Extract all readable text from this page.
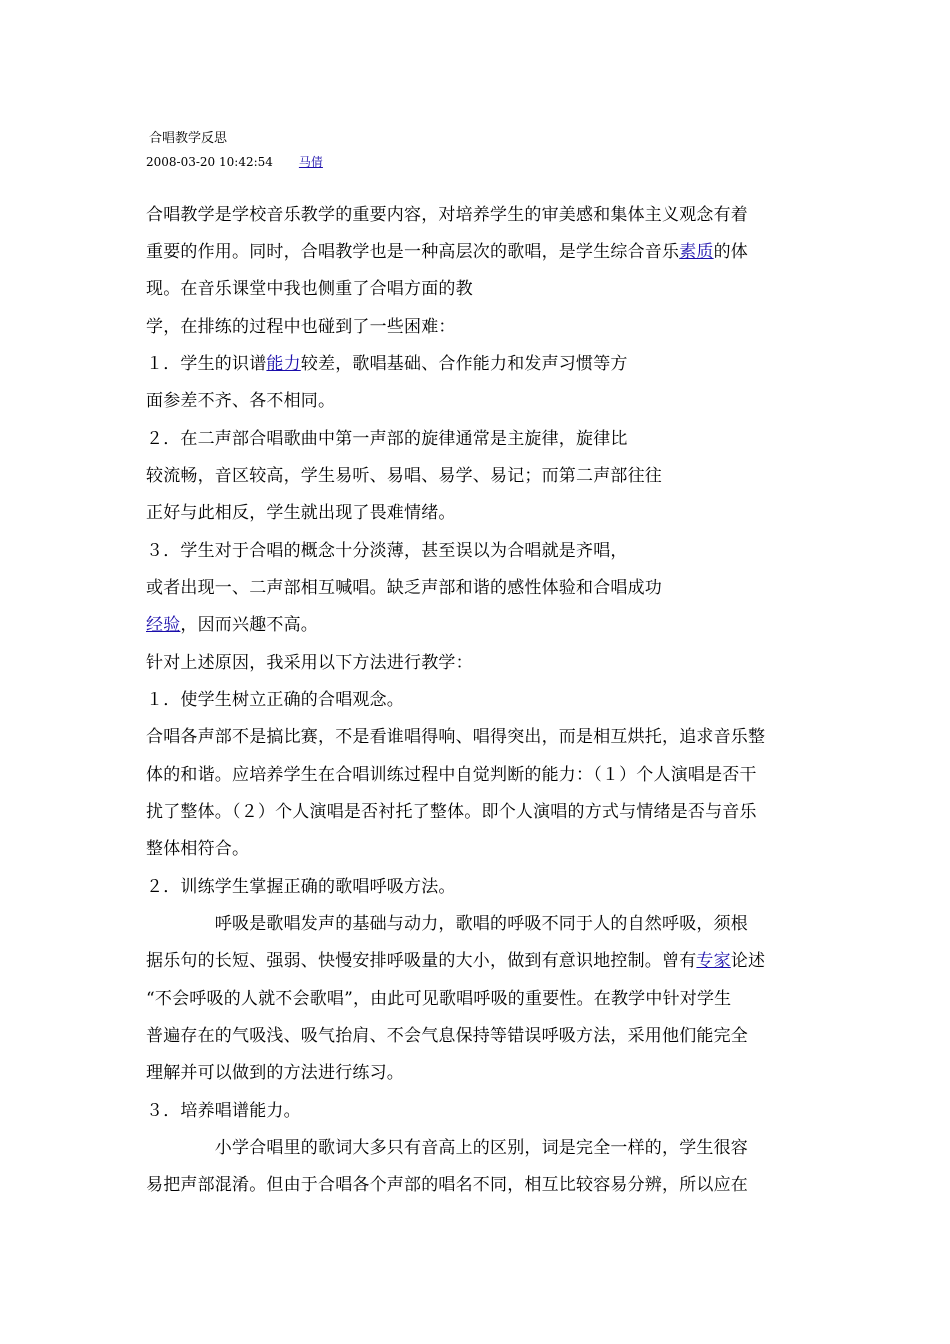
合唱教学反思
2008-03-20 10:42:54 马倩
合唱教学是学校音乐教学的重要内容，对培养学生的审美感和集体主义观念有着
重要的作用。同时，合唱教学也是一种高层次的歌唱，是学生综合音乐素质的体
现。在音乐课堂中我也侧重了合唱方面的教
学，在排练的过程中也碰到了一些困难：
１．学生的识谱能力较差，歌唱基础、合作能力和发声习惯等方
面参差不齐、各不相同。
２．在二声部合唱歌曲中第一声部的旋律通常是主旋律，旋律比
较流畅，音区较高，学生易听、易唱、易学、易记；而第二声部往往
正好与此相反，学生就出现了畏难情绪。
３．学生对于合唱的概念十分淡薄，甚至误以为合唱就是齐唱，
或者出现一、二声部相互喊唱。缺乏声部和谐的感性体验和合唱成功
经验，因而兴趣不高。
针对上述原因，我采用以下方法进行教学：
１．使学生树立正确的合唱观念。
合唱各声部不是搞比赛，不是看谁唱得响、唱得突出，而是相互烘托，追求音乐整
体的和谐。应培养学生在合唱训练过程中自觉判断的能力：（１）个人演唱是否干
扰了整体。（２）个人演唱是否衬托了整体。即个人演唱的方式与情绪是否与音乐
整体相符合。
２．训练学生掌握正确的歌唱呼吸方法。
　　　　呼吸是歌唱发声的基础与动力，歌唱的呼吸不同于人的自然呼吸，须根
据乐句的长短、强弱、快慢安排呼吸量的大小，做到有意识地控制。曾有专家论述
“不会呼吸的人就不会歌唱”，由此可见歌唱呼吸的重要性。在教学中针对学生
普遍存在的气吸浅、吸气抬肩、不会气息保持等错误呼吸方法，采用他们能完全
理解并可以做到的方法进行练习。
３．培养唱谱能力。
　　　　小学合唱里的歌词大多只有音高上的区别，词是完全一样的，学生很容
易把声部混淆。但由于合唱各个声部的唱名不同，相互比较容易分辨，所以应在
